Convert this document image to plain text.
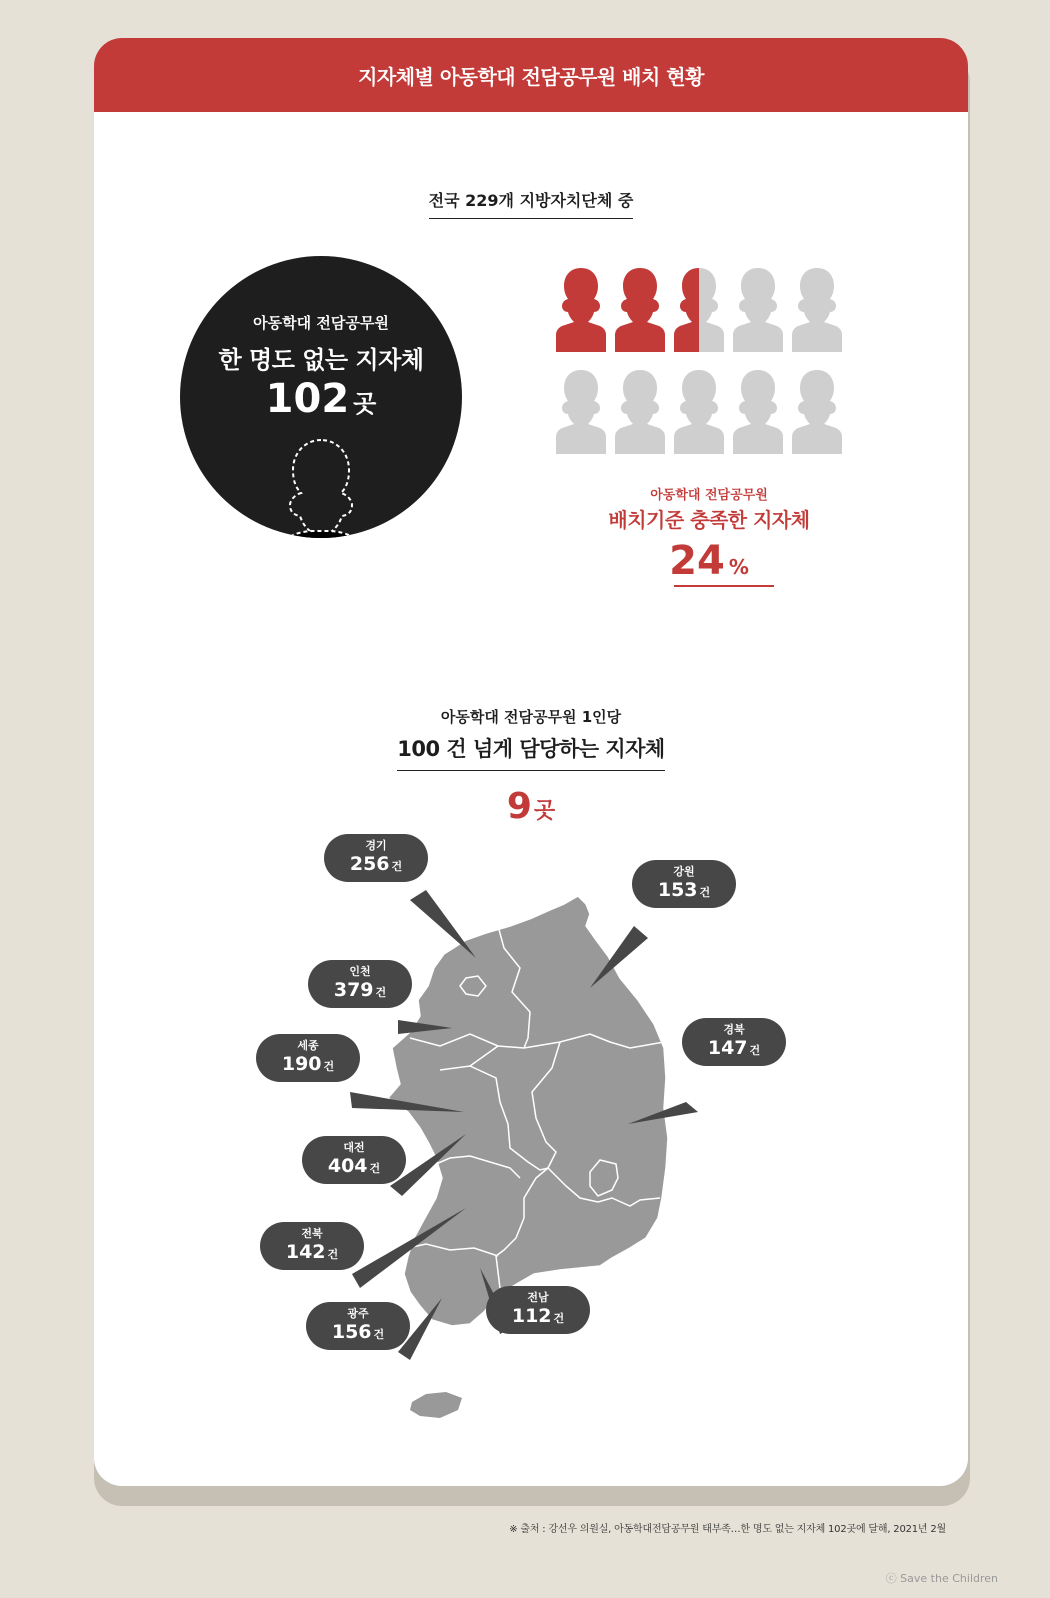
지자체별 아동학대 전담공무원 배치 현황
전국 229개 지방자치단체 중
아동학대 전담공무원
한 명도 없는 지자체
102 곳
아동학대 전담공무원
배치기준 충족한 지자체
24 %
아동학대 전담공무원 1인당
100 건 넘게 담당하는 지자체
9곳
경기
256 건	강원
153 건
인천
379 건
경북
147 건
세종
190 건
대전
404 건
전북
142 건
광주
156 건
전남
112 건
※ 출처 : 강선우 의원실, 아동학대전담공무원 태부족…한 명도 없는 지자체 102곳에 달해, 2021년 2월
ⓒ Save the Children
